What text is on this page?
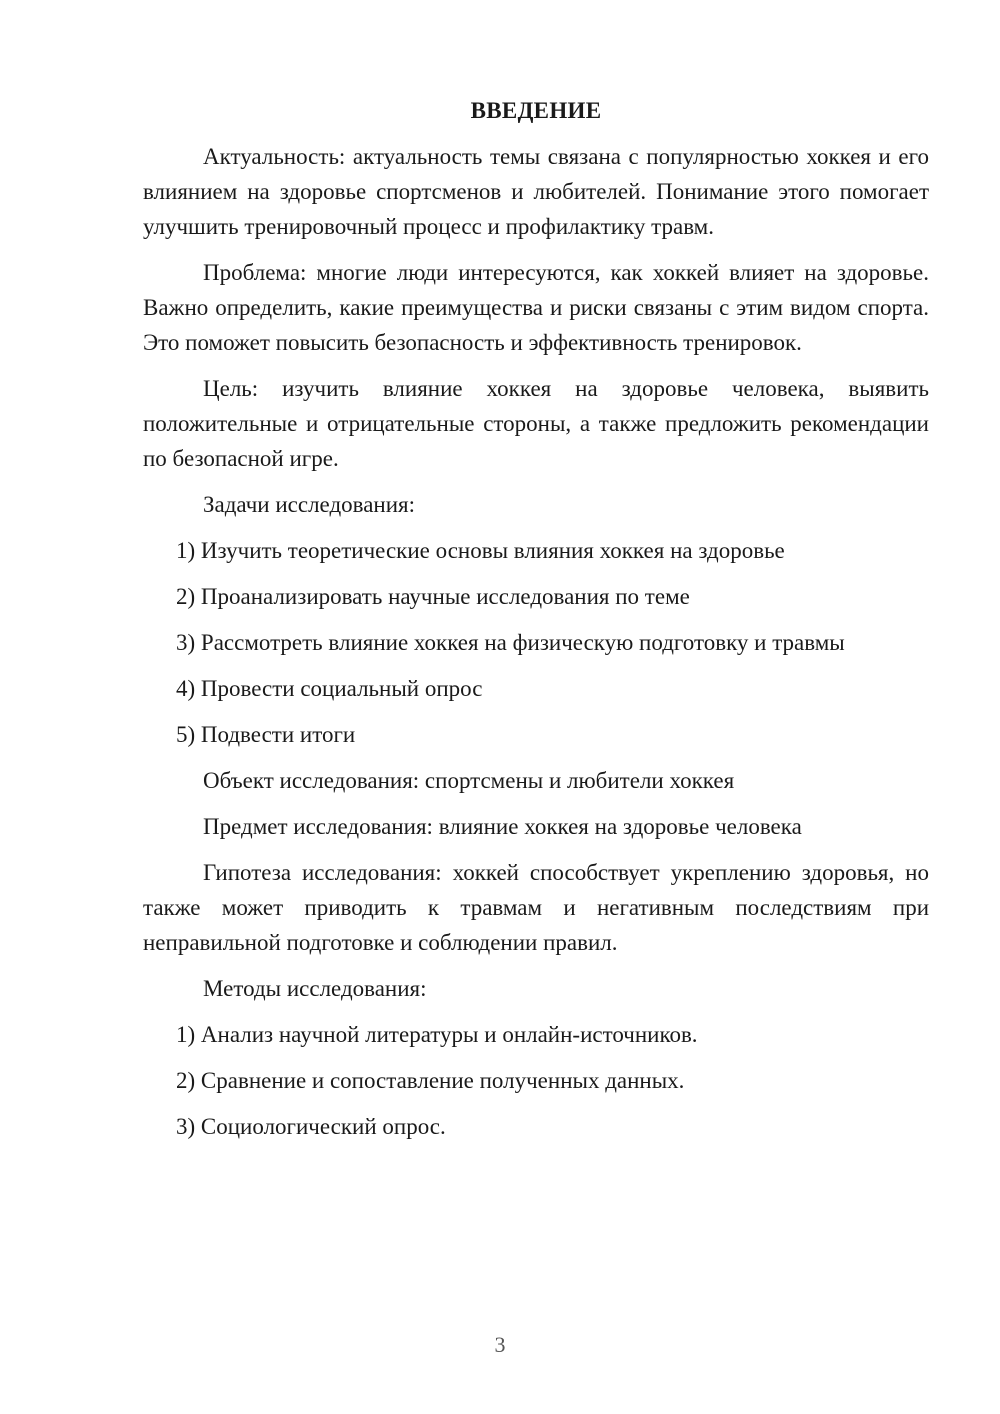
ВВЕДЕНИЕ

Актуальность: актуальность темы связана с популярностью хоккея и его влиянием на здоровье спортсменов и любителей. Понимание этого помогает улучшить тренировочный процесс и профилактику травм.

Проблема: многие люди интересуются, как хоккей влияет на здоровье. Важно определить, какие преимущества и риски связаны с этим видом спорта. Это поможет повысить безопасность и эффективность тренировок.

Цель: изучить влияние хоккея на здоровье человека, выявить положительные и отрицательные стороны, а также предложить рекомендации по безопасной игре.

Задачи исследования:
1) Изучить теоретические основы влияния хоккея на здоровье
2) Проанализировать научные исследования по теме
3) Рассмотреть влияние хоккея на физическую подготовку и травмы
4) Провести социальный опрос
5) Подвести итоги
Объект исследования: спортсмены и любители хоккея
Предмет исследования: влияние хоккея на здоровье человека

Гипотеза исследования: хоккей способствует укреплению здоровья, но также может приводить к травмам и негативным последствиям при неправильной подготовке и соблюдении правил.

Методы исследования:
1) Анализ научной литературы и онлайн-источников.
2) Сравнение и сопоставление полученных данных.
3) Социологический опрос.
3
